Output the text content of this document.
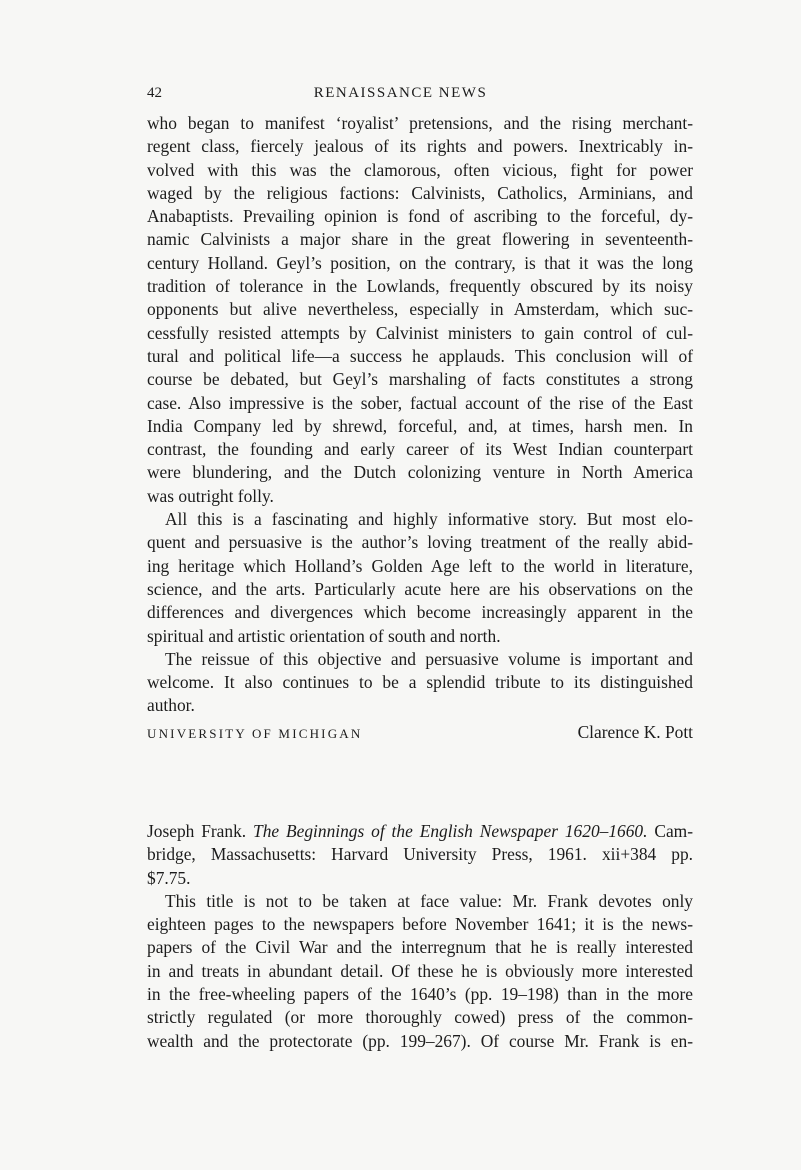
42	RENAISSANCE NEWS
who began to manifest ‘royalist’ pretensions, and the rising merchant-
regent class, fiercely jealous of its rights and powers. Inextricably in-
volved with this was the clamorous, often vicious, fight for power
waged by the religious factions: Calvinists, Catholics, Arminians, and
Anabaptists. Prevailing opinion is fond of ascribing to the forceful, dy-
namic Calvinists a major share in the great flowering in seventeenth-
century Holland. Geyl’s position, on the contrary, is that it was the long
tradition of tolerance in the Lowlands, frequently obscured by its noisy
opponents but alive nevertheless, especially in Amsterdam, which suc-
cessfully resisted attempts by Calvinist ministers to gain control of cul-
tural and political life—a success he applauds. This conclusion will of
course be debated, but Geyl’s marshaling of facts constitutes a strong
case. Also impressive is the sober, factual account of the rise of the East
India Company led by shrewd, forceful, and, at times, harsh men. In
contrast, the founding and early career of its West Indian counterpart
were blundering, and the Dutch colonizing venture in North America
was outright folly.
All this is a fascinating and highly informative story. But most elo-
quent and persuasive is the author’s loving treatment of the really abid-
ing heritage which Holland’s Golden Age left to the world in literature,
science, and the arts. Particularly acute here are his observations on the
differences and divergences which become increasingly apparent in the
spiritual and artistic orientation of south and north.
The reissue of this objective and persuasive volume is important and
welcome. It also continues to be a splendid tribute to its distinguished
author.
UNIVERSITY OF MICHIGAN	Clarence K. Pott
Joseph Frank. The Beginnings of the English Newspaper 1620–1660. Cam-
bridge, Massachusetts: Harvard University Press, 1961. xii+384 pp.
$7.75.
This title is not to be taken at face value: Mr. Frank devotes only
eighteen pages to the newspapers before November 1641; it is the news-
papers of the Civil War and the interregnum that he is really interested
in and treats in abundant detail. Of these he is obviously more interested
in the free-wheeling papers of the 1640’s (pp. 19–198) than in the more
strictly regulated (or more thoroughly cowed) press of the common-
wealth and the protectorate (pp. 199–267). Of course Mr. Frank is en-
